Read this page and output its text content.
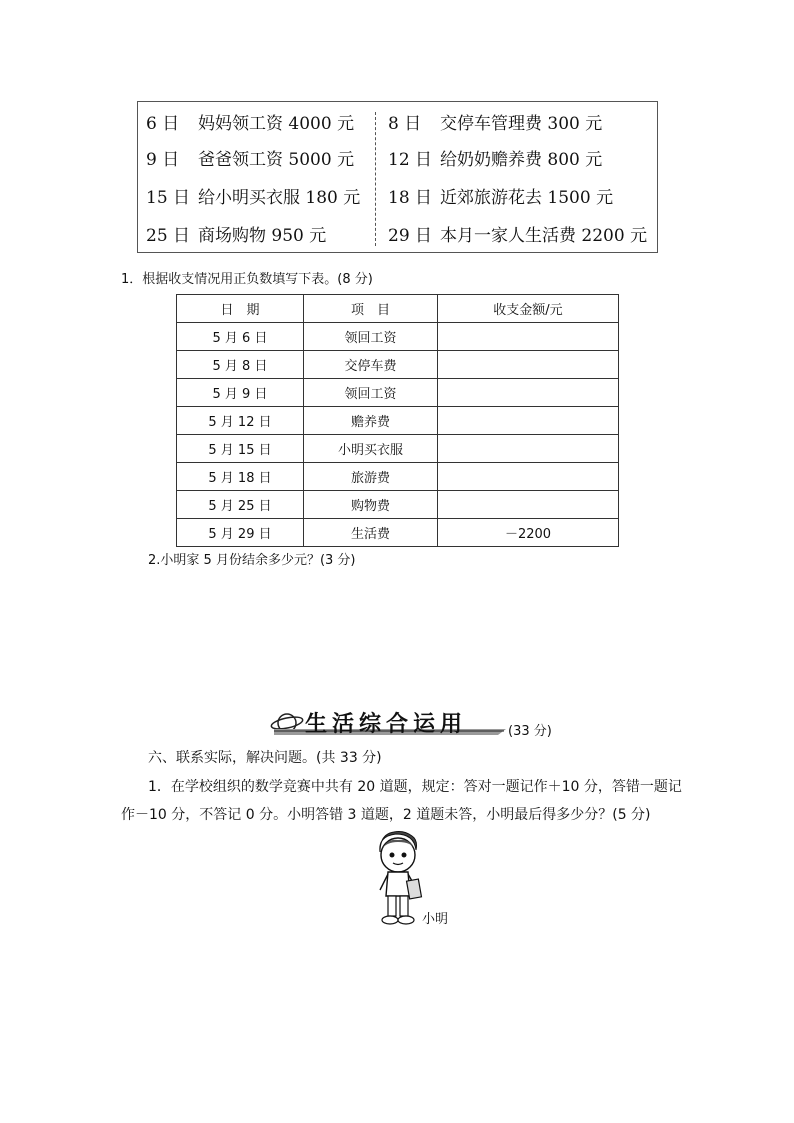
6 日 妈妈领工资 4000 元 8 日 交停车管理费 300 元
9 日 爸爸领工资 5000 元 12 日 给奶奶赡养费 800 元
15 日 给小明买衣服 180 元 18 日 近郊旅游花去 1500 元
25 日 商场购物 950 元	29 日 本月一家人生活费 2200 元
1．根据收支情况用正负数填写下表。(8 分)
日　期	项　目	收支金额/元
5 月 6 日	领回工资	
5 月 8 日	交停车费	
5 月 9 日	领回工资	
5 月 12 日	赡养费	
5 月 15 日	小明买衣服	
5 月 18 日	旅游费	
5 月 25 日	购物费	
5 月 29 日	生活费	－2200
2.小明家 5 月份结余多少元？(3 分)
生活综合运用	(33 分)
六、联系实际，解决问题。(共 33 分)
1．在学校组织的数学竞赛中共有 20 道题，规定：答对一题记作＋10 分，答错一题记
作－10 分，不答记 0 分。小明答错 3 道题，2 道题未答，小明最后得多少分？(5 分)
小明
